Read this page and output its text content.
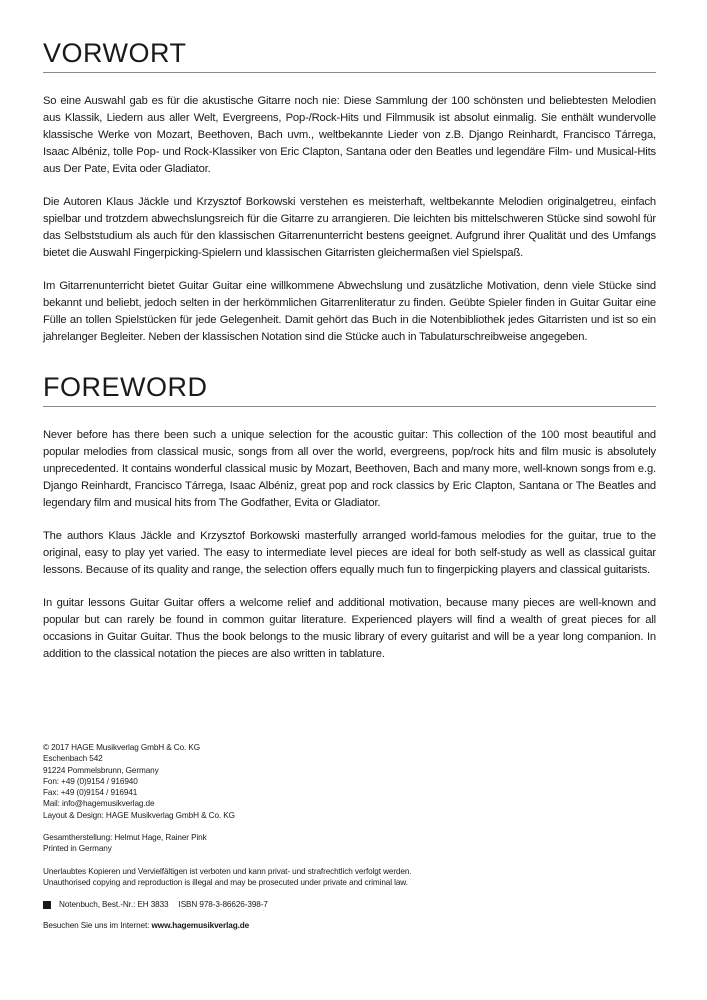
VORWORT

So eine Auswahl gab es für die akustische Gitarre noch nie: Diese Sammlung der 100 schönsten und beliebtesten Melodien aus Klassik, Liedern aus aller Welt, Evergreens, Pop-/Rock-Hits und Filmmusik ist absolut einmalig. Sie enthält wundervolle klassische Werke von Mozart, Beethoven, Bach uvm., weltbekannte Lieder von z.B. Django Reinhardt, Francisco Tárrega, Isaac Albéniz, tolle Pop- und Rock-Klassiker von Eric Clapton, Santana oder den Beatles und legendäre Film- und Musical-Hits aus Der Pate, Evita oder Gladiator.

Die Autoren Klaus Jäckle und Krzysztof Borkowski verstehen es meisterhaft, weltbekannte Melodien originalgetreu, einfach spielbar und trotzdem abwechslungsreich für die Gitarre zu arrangieren. Die leichten bis mittelschweren Stücke sind sowohl für das Selbststudium als auch für den klassischen Gitarrenunterricht bestens geeignet. Aufgrund ihrer Qualität und des Umfangs bietet die Auswahl Fingerpicking-Spielern und klassischen Gitarristen gleichermaßen viel Spielspaß.

Im Gitarrenunterricht bietet Guitar Guitar eine willkommene Abwechslung und zusätzliche Motivation, denn viele Stücke sind bekannt und beliebt, jedoch selten in der herkömmlichen Gitarrenliteratur zu finden. Geübte Spieler finden in Guitar Guitar eine Fülle an tollen Spielstücken für jede Gelegenheit. Damit gehört das Buch in die Notenbibliothek jedes Gitarristen und ist so ein jahrelanger Begleiter. Neben der klassischen Notation sind die Stücke auch in Tabulaturschreibweise angegeben.

FOREWORD

Never before has there been such a unique selection for the acoustic guitar: This collection of the 100 most beautiful and popular melodies from classical music, songs from all over the world, evergreens, pop/rock hits and film music is absolutely unprecedented. It contains wonderful classical music by Mozart, Beethoven, Bach and many more, well-known songs from e.g. Django Reinhardt, Francisco Tárrega, Isaac Albéniz, great pop and rock classics by Eric Clapton, Santana or The Beatles and legendary film and musical hits from The Godfather, Evita or Gladiator.

The authors Klaus Jäckle and Krzysztof Borkowski masterfully arranged world-famous melodies for the guitar, true to the original, easy to play yet varied. The easy to intermediate level pieces are ideal for both self-study as well as classical guitar lessons. Because of its quality and range, the selection offers equally much fun to fingerpicking players and classical guitarists.

In guitar lessons Guitar Guitar offers a welcome relief and additional motivation, because many pieces are well-known and popular but can rarely be found in common guitar literature. Experienced players will find a wealth of great pieces for all occasions in Guitar Guitar. Thus the book belongs to the music library of every guitarist and will be a year long companion. In addition to the classical notation the pieces are also written in tablature.

© 2017 HAGE Musikverlag GmbH & Co. KG
Eschenbach 542
91224 Pommelsbrunn, Germany
Fon: +49 (0)9154 / 916940
Fax: +49 (0)9154 / 916941
Mail: info@hagemusikverlag.de
Layout & Design: HAGE Musikverlag GmbH & Co. KG
Gesamtherstellung: Helmut Hage, Rainer Pink
Printed in Germany
Unerlaubtes Kopieren und Vervielfältigen ist verboten und kann privat- und strafrechtlich verfolgt werden.
Unauthorised copying and reproduction is illegal and may be prosecuted under private and criminal law.
Notenbuch, Best.-Nr.: EH 3833 ISBN 978-3-86626-398-7
Besuchen Sie uns im Internet: www.hagemusikverlag.de
